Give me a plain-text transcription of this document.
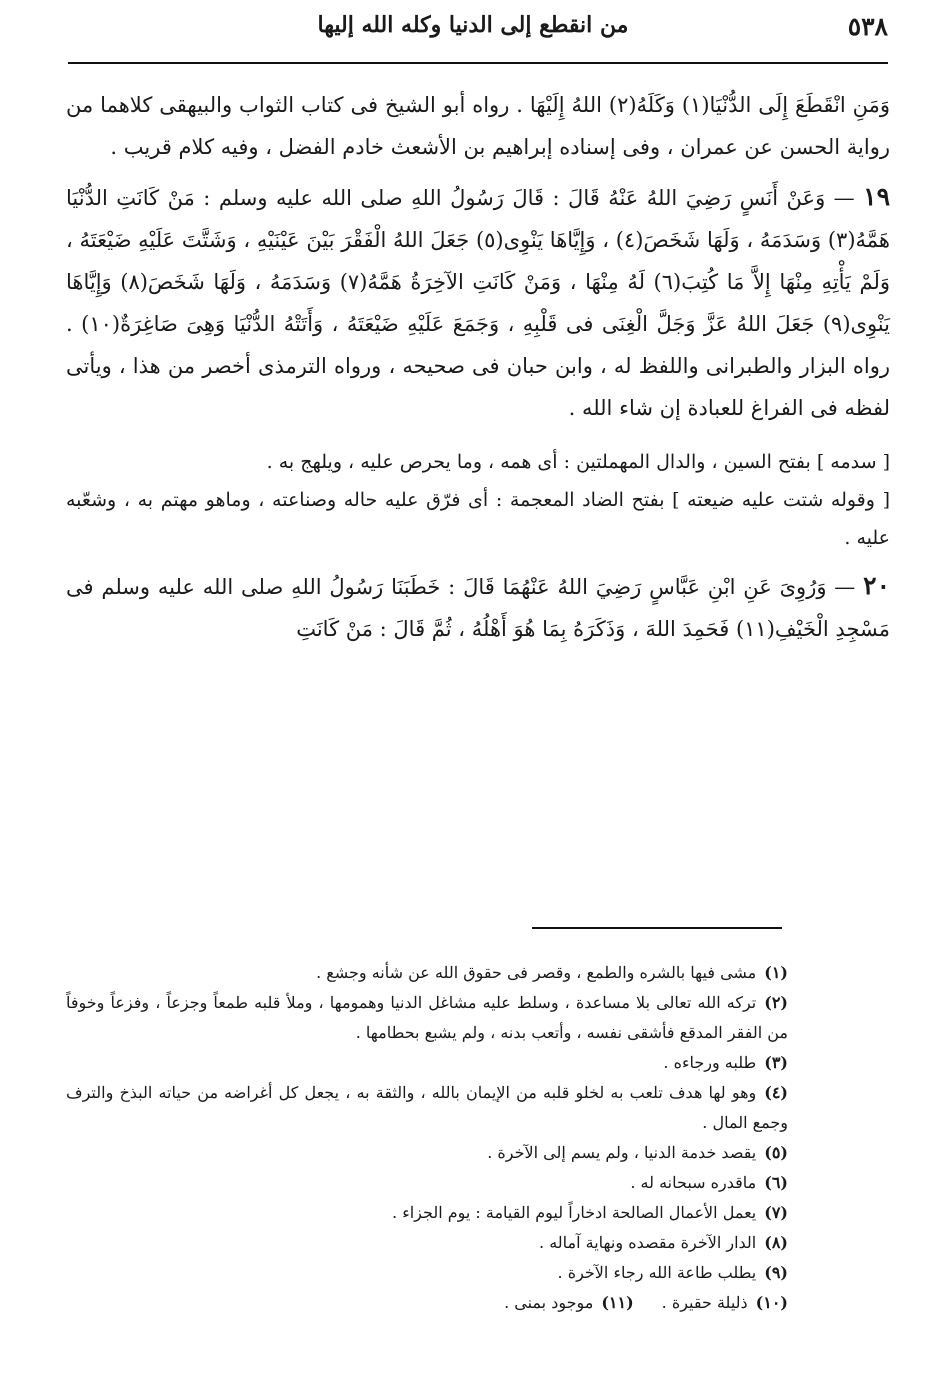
٥٣٨
من انقطع إلى الدنيا وكله الله إليها

وَمَنِ انْقَطَعَ إِلَى الدُّنْيَا(١) وَكَلَهُ(٢) اللهُ إِلَيْهَا . رواه أبو الشيخ فى كتاب الثواب والبيهقى كلاهما من رواية الحسن عن عمران ، وفى إسناده إبراهيم بن الأشعث خادم الفضل ، وفيه كلام قريب .

١٩ — وَعَنْ أَنَسٍ رَضِيَ اللهُ عَنْهُ قَالَ : قَالَ رَسُولُ اللهِ صلى الله عليه وسلم : مَنْ كَانَتِ الدُّنْيَا هَمَّهُ(٣) وَسَدَمَهُ ، وَلَهَا شَخَصَ(٤) ، وَإِيَّاهَا يَنْوِى(٥) جَعَلَ اللهُ الْفَقْرَ بَيْنَ عَيْنَيْهِ ، وَشَتَّتَ عَلَيْهِ ضَيْعَتَهُ ، وَلَمْ يَأْتِهِ مِنْهَا إِلاَّ مَا كُتِبَ(٦) لَهُ مِنْهَا ، وَمَنْ كَانَتِ الآخِرَةُ هَمَّهُ(٧) وَسَدَمَهُ ، وَلَهَا شَخَصَ(٨) وَإِيَّاهَا يَنْوِى(٩) جَعَلَ اللهُ عَزَّ وَجَلَّ الْغِنَى فى قَلْبِهِ ، وَجَمَعَ عَلَيْهِ ضَيْعَتَهُ ، وَأَتَتْهُ الدُّنْيَا وَهِىَ صَاغِرَةٌ(١٠) . رواه البزار والطبرانى واللفظ له ، وابن حبان فى صحيحه ، ورواه الترمذى أخصر من هذا ، ويأتى لفظه فى الفراغ للعبادة إن شاء الله .

[ سدمه ] بفتح السين ، والدال المهملتين : أى همه ، وما يحرص عليه ، ويلهج به .

[ وقوله شتت عليه ضيعته ] بفتح الضاد المعجمة : أى فرّق عليه حاله وصناعته ، وماهو مهتم به ، وشعّبه عليه .

٢٠ — وَرُوِىَ عَنِ ابْنِ عَبَّاسٍ رَضِيَ اللهُ عَنْهُمَا قَالَ : خَطَبَنَا رَسُولُ اللهِ صلى الله عليه وسلم فى مَسْجِدِ الْخَيْفِ(١١) فَحَمِدَ اللهَ ، وَذَكَرَهُ بِمَا هُوَ أَهْلُهُ ، ثُمَّ قَالَ : مَنْ كَانَتِ

(١)مشى فيها بالشره والطمع ، وقصر فى حقوق الله عن شأنه وجشع .

(٢)تركه الله تعالى بلا مساعدة ، وسلط عليه مشاغل الدنيا وهمومها ، وملأ قلبه طمعاً وجزعاً ، وفزعاً وخوفاً من الفقر المدقع فأشقى نفسه ، وأتعب بدنه ، ولم يشبع بحطامها .

(٣)طلبه ورجاءه .

(٤)وهو لها هدف تلعب به لخلو قلبه من الإيمان بالله ، والثقة به ، يجعل كل أغراضه من حياته البذخ والترف وجمع المال .

(٥)يقصد خدمة الدنيا ، ولم يسم إلى الآخرة .

(٦)ماقدره سبحانه له .

(٧)يعمل الأعمال الصالحة ادخاراً ليوم القيامة : يوم الجزاء .

(٨)الدار الآخرة مقصده ونهاية آماله .

(٩)يطلب طاعة الله رجاء الآخرة .

(١٠)ذليلة حقيرة .(١١)موجود بمنى .
